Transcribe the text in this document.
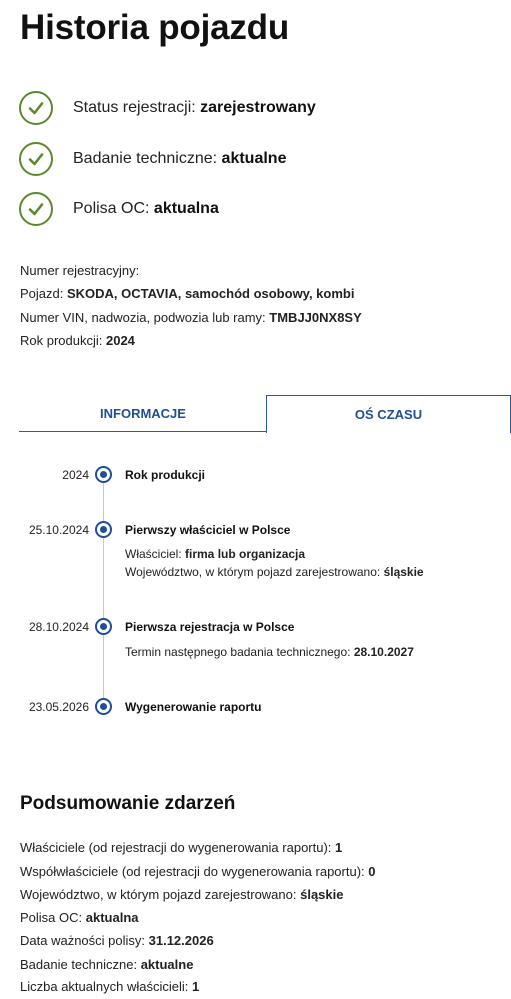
Historia pojazdu
Status rejestracji: zarejestrowany
Badanie techniczne: aktualne
Polisa OC: aktualna
Numer rejestracyjny:
Pojazd: SKODA, OCTAVIA, samochód osobowy, kombi
Numer VIN, nadwozia, podwozia lub ramy: TMBJJ0NX8SY
Rok produkcji: 2024
INFORMACJE	OŚ CZASU
2024	Rok produkcji
25.10.2024	Pierwszy właściciel w Polsce
Właściciel: firma lub organizacja
Województwo, w którym pojazd zarejestrowano: śląskie
28.10.2024	Pierwsza rejestracja w Polsce
Termin następnego badania technicznego: 28.10.2027
23.05.2026	Wygenerowanie raportu
Podsumowanie zdarzeń
Właściciele (od rejestracji do wygenerowania raportu): 1
Współwłaściciele (od rejestracji do wygenerowania raportu): 0
Województwo, w którym pojazd zarejestrowano: śląskie
Polisa OC: aktualna
Data ważności polisy: 31.12.2026
Badanie techniczne: aktualne
Liczba aktualnych właścicieli: 1
